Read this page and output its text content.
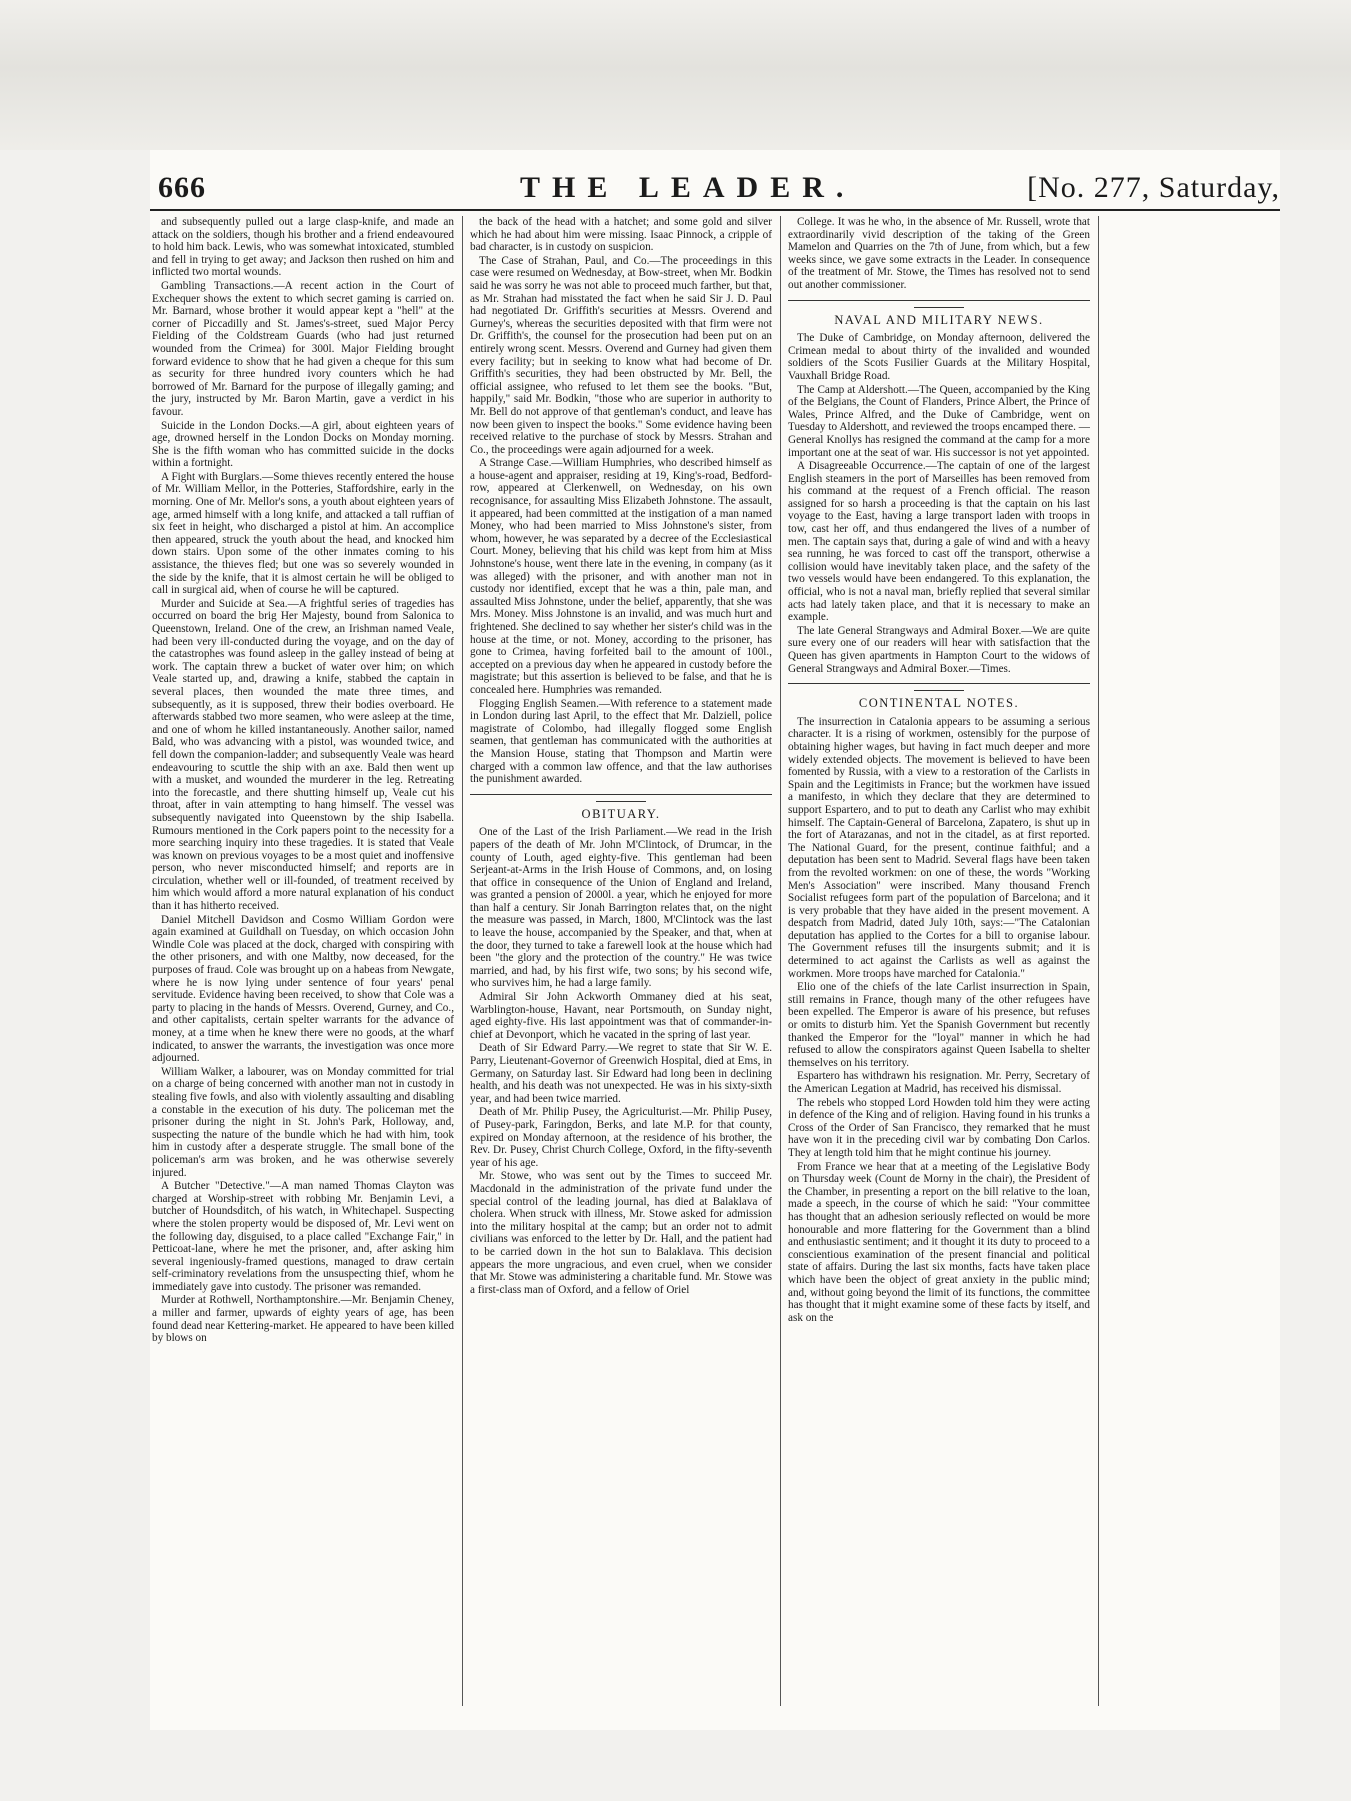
666	THE LEADER.	[No. 277, Saturday,

and subsequently pulled out a large clasp-knife, and made an attack on the soldiers, though his brother and a friend endeavoured to hold him back. Lewis, who was somewhat intoxicated, stumbled and fell in trying to get away; and Jackson then rushed on him and inflicted two mortal wounds.

Gambling Transactions.—A recent action in the Court of Exchequer shows the extent to which secret gaming is carried on. Mr. Barnard, whose brother it would appear kept a "hell" at the corner of Piccadilly and St. James's-street, sued Major Percy Fielding of the Coldstream Guards (who had just returned wounded from the Crimea) for 300l. Major Fielding brought forward evidence to show that he had given a cheque for this sum as security for three hundred ivory counters which he had borrowed of Mr. Barnard for the purpose of illegally gaming; and the jury, instructed by Mr. Baron Martin, gave a verdict in his favour.

Suicide in the London Docks.—A girl, about eighteen years of age, drowned herself in the London Docks on Monday morning. She is the fifth woman who has committed suicide in the docks within a fortnight.

A Fight with Burglars.—Some thieves recently entered the house of Mr. William Mellor, in the Potteries, Staffordshire, early in the morning. One of Mr. Mellor's sons, a youth about eighteen years of age, armed himself with a long knife, and attacked a tall ruffian of six feet in height, who discharged a pistol at him. An accomplice then appeared, struck the youth about the head, and knocked him down stairs. Upon some of the other inmates coming to his assistance, the thieves fled; but one was so severely wounded in the side by the knife, that it is almost certain he will be obliged to call in surgical aid, when of course he will be captured.

Murder and Suicide at Sea.—A frightful series of tragedies has occurred on board the brig Her Majesty, bound from Salonica to Queenstown, Ireland. One of the crew, an Irishman named Veale, had been very ill-conducted during the voyage, and on the day of the catastrophes was found asleep in the galley instead of being at work. The captain threw a bucket of water over him; on which Veale started up, and, drawing a knife, stabbed the captain in several places, then wounded the mate three times, and subsequently, as it is supposed, threw their bodies overboard. He afterwards stabbed two more seamen, who were asleep at the time, and one of whom he killed instantaneously. Another sailor, named Bald, who was advancing with a pistol, was wounded twice, and fell down the companion-ladder; and subsequently Veale was heard endeavouring to scuttle the ship with an axe. Bald then went up with a musket, and wounded the murderer in the leg. Retreating into the forecastle, and there shutting himself up, Veale cut his throat, after in vain attempting to hang himself. The vessel was subsequently navigated into Queenstown by the ship Isabella. Rumours mentioned in the Cork papers point to the necessity for a more searching inquiry into these tragedies. It is stated that Veale was known on previous voyages to be a most quiet and inoffensive person, who never misconducted himself; and reports are in circulation, whether well or ill-founded, of treatment received by him which would afford a more natural explanation of his conduct than it has hitherto received.

Daniel Mitchell Davidson and Cosmo William Gordon were again examined at Guildhall on Tuesday, on which occasion John Windle Cole was placed at the dock, charged with conspiring with the other prisoners, and with one Maltby, now deceased, for the purposes of fraud. Cole was brought up on a habeas from Newgate, where he is now lying under sentence of four years' penal servitude. Evidence having been received, to show that Cole was a party to placing in the hands of Messrs. Overend, Gurney, and Co., and other capitalists, certain spelter warrants for the advance of money, at a time when he knew there were no goods, at the wharf indicated, to answer the warrants, the investigation was once more adjourned.

William Walker, a labourer, was on Monday committed for trial on a charge of being concerned with another man not in custody in stealing five fowls, and also with violently assaulting and disabling a constable in the execution of his duty. The policeman met the prisoner during the night in St. John's Park, Holloway, and, suspecting the nature of the bundle which he had with him, took him in custody after a desperate struggle. The small bone of the policeman's arm was broken, and he was otherwise severely injured.

A Butcher "Detective."—A man named Thomas Clayton was charged at Worship-street with robbing Mr. Benjamin Levi, a butcher of Houndsditch, of his watch, in Whitechapel. Suspecting where the stolen property would be disposed of, Mr. Levi went on the following day, disguised, to a place called "Exchange Fair," in Petticoat-lane, where he met the prisoner, and, after asking him several ingeniously-framed questions, managed to draw certain self-criminatory revelations from the unsuspecting thief, whom he immediately gave into custody. The prisoner was remanded.

Murder at Rothwell, Northamptonshire.—Mr. Benjamin Cheney, a miller and farmer, upwards of eighty years of age, has been found dead near Kettering-market. He appeared to have been killed by blows on

the back of the head with a hatchet; and some gold and silver which he had about him were missing. Isaac Pinnock, a cripple of bad character, is in custody on suspicion.

The Case of Strahan, Paul, and Co.—The proceedings in this case were resumed on Wednesday, at Bow-street, when Mr. Bodkin said he was sorry he was not able to proceed much farther, but that, as Mr. Strahan had misstated the fact when he said Sir J. D. Paul had negotiated Dr. Griffith's securities at Messrs. Overend and Gurney's, whereas the securities deposited with that firm were not Dr. Griffith's, the counsel for the prosecution had been put on an entirely wrong scent. Messrs. Overend and Gurney had given them every facility; but in seeking to know what had become of Dr. Griffith's securities, they had been obstructed by Mr. Bell, the official assignee, who refused to let them see the books. "But, happily," said Mr. Bodkin, "those who are superior in authority to Mr. Bell do not approve of that gentleman's conduct, and leave has now been given to inspect the books." Some evidence having been received relative to the purchase of stock by Messrs. Strahan and Co., the proceedings were again adjourned for a week.

A Strange Case.—William Humphries, who described himself as a house-agent and appraiser, residing at 19, King's-road, Bedford-row, appeared at Clerkenwell, on Wednesday, on his own recognisance, for assaulting Miss Elizabeth Johnstone. The assault, it appeared, had been committed at the instigation of a man named Money, who had been married to Miss Johnstone's sister, from whom, however, he was separated by a decree of the Ecclesiastical Court. Money, believing that his child was kept from him at Miss Johnstone's house, went there late in the evening, in company (as it was alleged) with the prisoner, and with another man not in custody nor identified, except that he was a thin, pale man, and assaulted Miss Johnstone, under the belief, apparently, that she was Mrs. Money. Miss Johnstone is an invalid, and was much hurt and frightened. She declined to say whether her sister's child was in the house at the time, or not. Money, according to the prisoner, has gone to Crimea, having forfeited bail to the amount of 100l., accepted on a previous day when he appeared in custody before the magistrate; but this assertion is believed to be false, and that he is concealed here. Humphries was remanded.

Flogging English Seamen.—With reference to a statement made in London during last April, to the effect that Mr. Dalziell, police magistrate of Colombo, had illegally flogged some English seamen, that gentleman has communicated with the authorities at the Mansion House, stating that Thompson and Martin were charged with a common law offence, and that the law authorises the punishment awarded.

OBITUARY.

One of the Last of the Irish Parliament.—We read in the Irish papers of the death of Mr. John M'Clintock, of Drumcar, in the county of Louth, aged eighty-five. This gentleman had been Serjeant-at-Arms in the Irish House of Commons, and, on losing that office in consequence of the Union of England and Ireland, was granted a pension of 2000l. a year, which he enjoyed for more than half a century. Sir Jonah Barrington relates that, on the night the measure was passed, in March, 1800, M'Clintock was the last to leave the house, accompanied by the Speaker, and that, when at the door, they turned to take a farewell look at the house which had been "the glory and the protection of the country." He was twice married, and had, by his first wife, two sons; by his second wife, who survives him, he had a large family.

Admiral Sir John Ackworth Ommaney died at his seat, Warblington-house, Havant, near Portsmouth, on Sunday night, aged eighty-five. His last appointment was that of commander-in-chief at Devonport, which he vacated in the spring of last year.

Death of Sir Edward Parry.—We regret to state that Sir W. E. Parry, Lieutenant-Governor of Greenwich Hospital, died at Ems, in Germany, on Saturday last. Sir Edward had long been in declining health, and his death was not unexpected. He was in his sixty-sixth year, and had been twice married.

Death of Mr. Philip Pusey, the Agriculturist.—Mr. Philip Pusey, of Pusey-park, Faringdon, Berks, and late M.P. for that county, expired on Monday afternoon, at the residence of his brother, the Rev. Dr. Pusey, Christ Church College, Oxford, in the fifty-seventh year of his age.

Mr. Stowe, who was sent out by the Times to succeed Mr. Macdonald in the administration of the private fund under the special control of the leading journal, has died at Balaklava of cholera. When struck with illness, Mr. Stowe asked for admission into the military hospital at the camp; but an order not to admit civilians was enforced to the letter by Dr. Hall, and the patient had to be carried down in the hot sun to Balaklava. This decision appears the more ungracious, and even cruel, when we consider that Mr. Stowe was administering a charitable fund. Mr. Stowe was a first-class man of Oxford, and a fellow of Oriel

College. It was he who, in the absence of Mr. Russell, wrote that extraordinarily vivid description of the taking of the Green Mamelon and Quarries on the 7th of June, from which, but a few weeks since, we gave some extracts in the Leader. In consequence of the treatment of Mr. Stowe, the Times has resolved not to send out another commissioner.

NAVAL AND MILITARY NEWS.

The Duke of Cambridge, on Monday afternoon, delivered the Crimean medal to about thirty of the invalided and wounded soldiers of the Scots Fusilier Guards at the Military Hospital, Vauxhall Bridge Road.

The Camp at Aldershott.—The Queen, accompanied by the King of the Belgians, the Count of Flanders, Prince Albert, the Prince of Wales, Prince Alfred, and the Duke of Cambridge, went on Tuesday to Aldershott, and reviewed the troops encamped there. —General Knollys has resigned the command at the camp for a more important one at the seat of war. His successor is not yet appointed.

A Disagreeable Occurrence.—The captain of one of the largest English steamers in the port of Marseilles has been removed from his command at the request of a French official. The reason assigned for so harsh a proceeding is that the captain on his last voyage to the East, having a large transport laden with troops in tow, cast her off, and thus endangered the lives of a number of men. The captain says that, during a gale of wind and with a heavy sea running, he was forced to cast off the transport, otherwise a collision would have inevitably taken place, and the safety of the two vessels would have been endangered. To this explanation, the official, who is not a naval man, briefly replied that several similar acts had lately taken place, and that it is necessary to make an example.

The late General Strangways and Admiral Boxer.—We are quite sure every one of our readers will hear with satisfaction that the Queen has given apartments in Hampton Court to the widows of General Strangways and Admiral Boxer.—Times.

CONTINENTAL NOTES.

The insurrection in Catalonia appears to be assuming a serious character. It is a rising of workmen, ostensibly for the purpose of obtaining higher wages, but having in fact much deeper and more widely extended objects. The movement is believed to have been fomented by Russia, with a view to a restoration of the Carlists in Spain and the Legitimists in France; but the workmen have issued a manifesto, in which they declare that they are determined to support Espartero, and to put to death any Carlist who may exhibit himself. The Captain-General of Barcelona, Zapatero, is shut up in the fort of Atarazanas, and not in the citadel, as at first reported. The National Guard, for the present, continue faithful; and a deputation has been sent to Madrid. Several flags have been taken from the revolted workmen: on one of these, the words "Working Men's Association" were inscribed. Many thousand French Socialist refugees form part of the population of Barcelona; and it is very probable that they have aided in the present movement. A despatch from Madrid, dated July 10th, says:—"The Catalonian deputation has applied to the Cortes for a bill to organise labour. The Government refuses till the insurgents submit; and it is determined to act against the Carlists as well as against the workmen. More troops have marched for Catalonia."

Elio one of the chiefs of the late Carlist insurrection in Spain, still remains in France, though many of the other refugees have been expelled. The Emperor is aware of his presence, but refuses or omits to disturb him. Yet the Spanish Government but recently thanked the Emperor for the "loyal" manner in which he had refused to allow the conspirators against Queen Isabella to shelter themselves on his territory.

Espartero has withdrawn his resignation. Mr. Perry, Secretary of the American Legation at Madrid, has received his dismissal.

The rebels who stopped Lord Howden told him they were acting in defence of the King and of religion. Having found in his trunks a Cross of the Order of San Francisco, they remarked that he must have won it in the preceding civil war by combating Don Carlos. They at length told him that he might continue his journey.

From France we hear that at a meeting of the Legislative Body on Thursday week (Count de Morny in the chair), the President of the Chamber, in presenting a report on the bill relative to the loan, made a speech, in the course of which he said: "Your committee has thought that an adhesion seriously reflected on would be more honourable and more flattering for the Government than a blind and enthusiastic sentiment; and it thought it its duty to proceed to a conscientious examination of the present financial and political state of affairs. During the last six months, facts have taken place which have been the object of great anxiety in the public mind; and, without going beyond the limit of its functions, the committee has thought that it might examine some of these facts by itself, and ask on the
